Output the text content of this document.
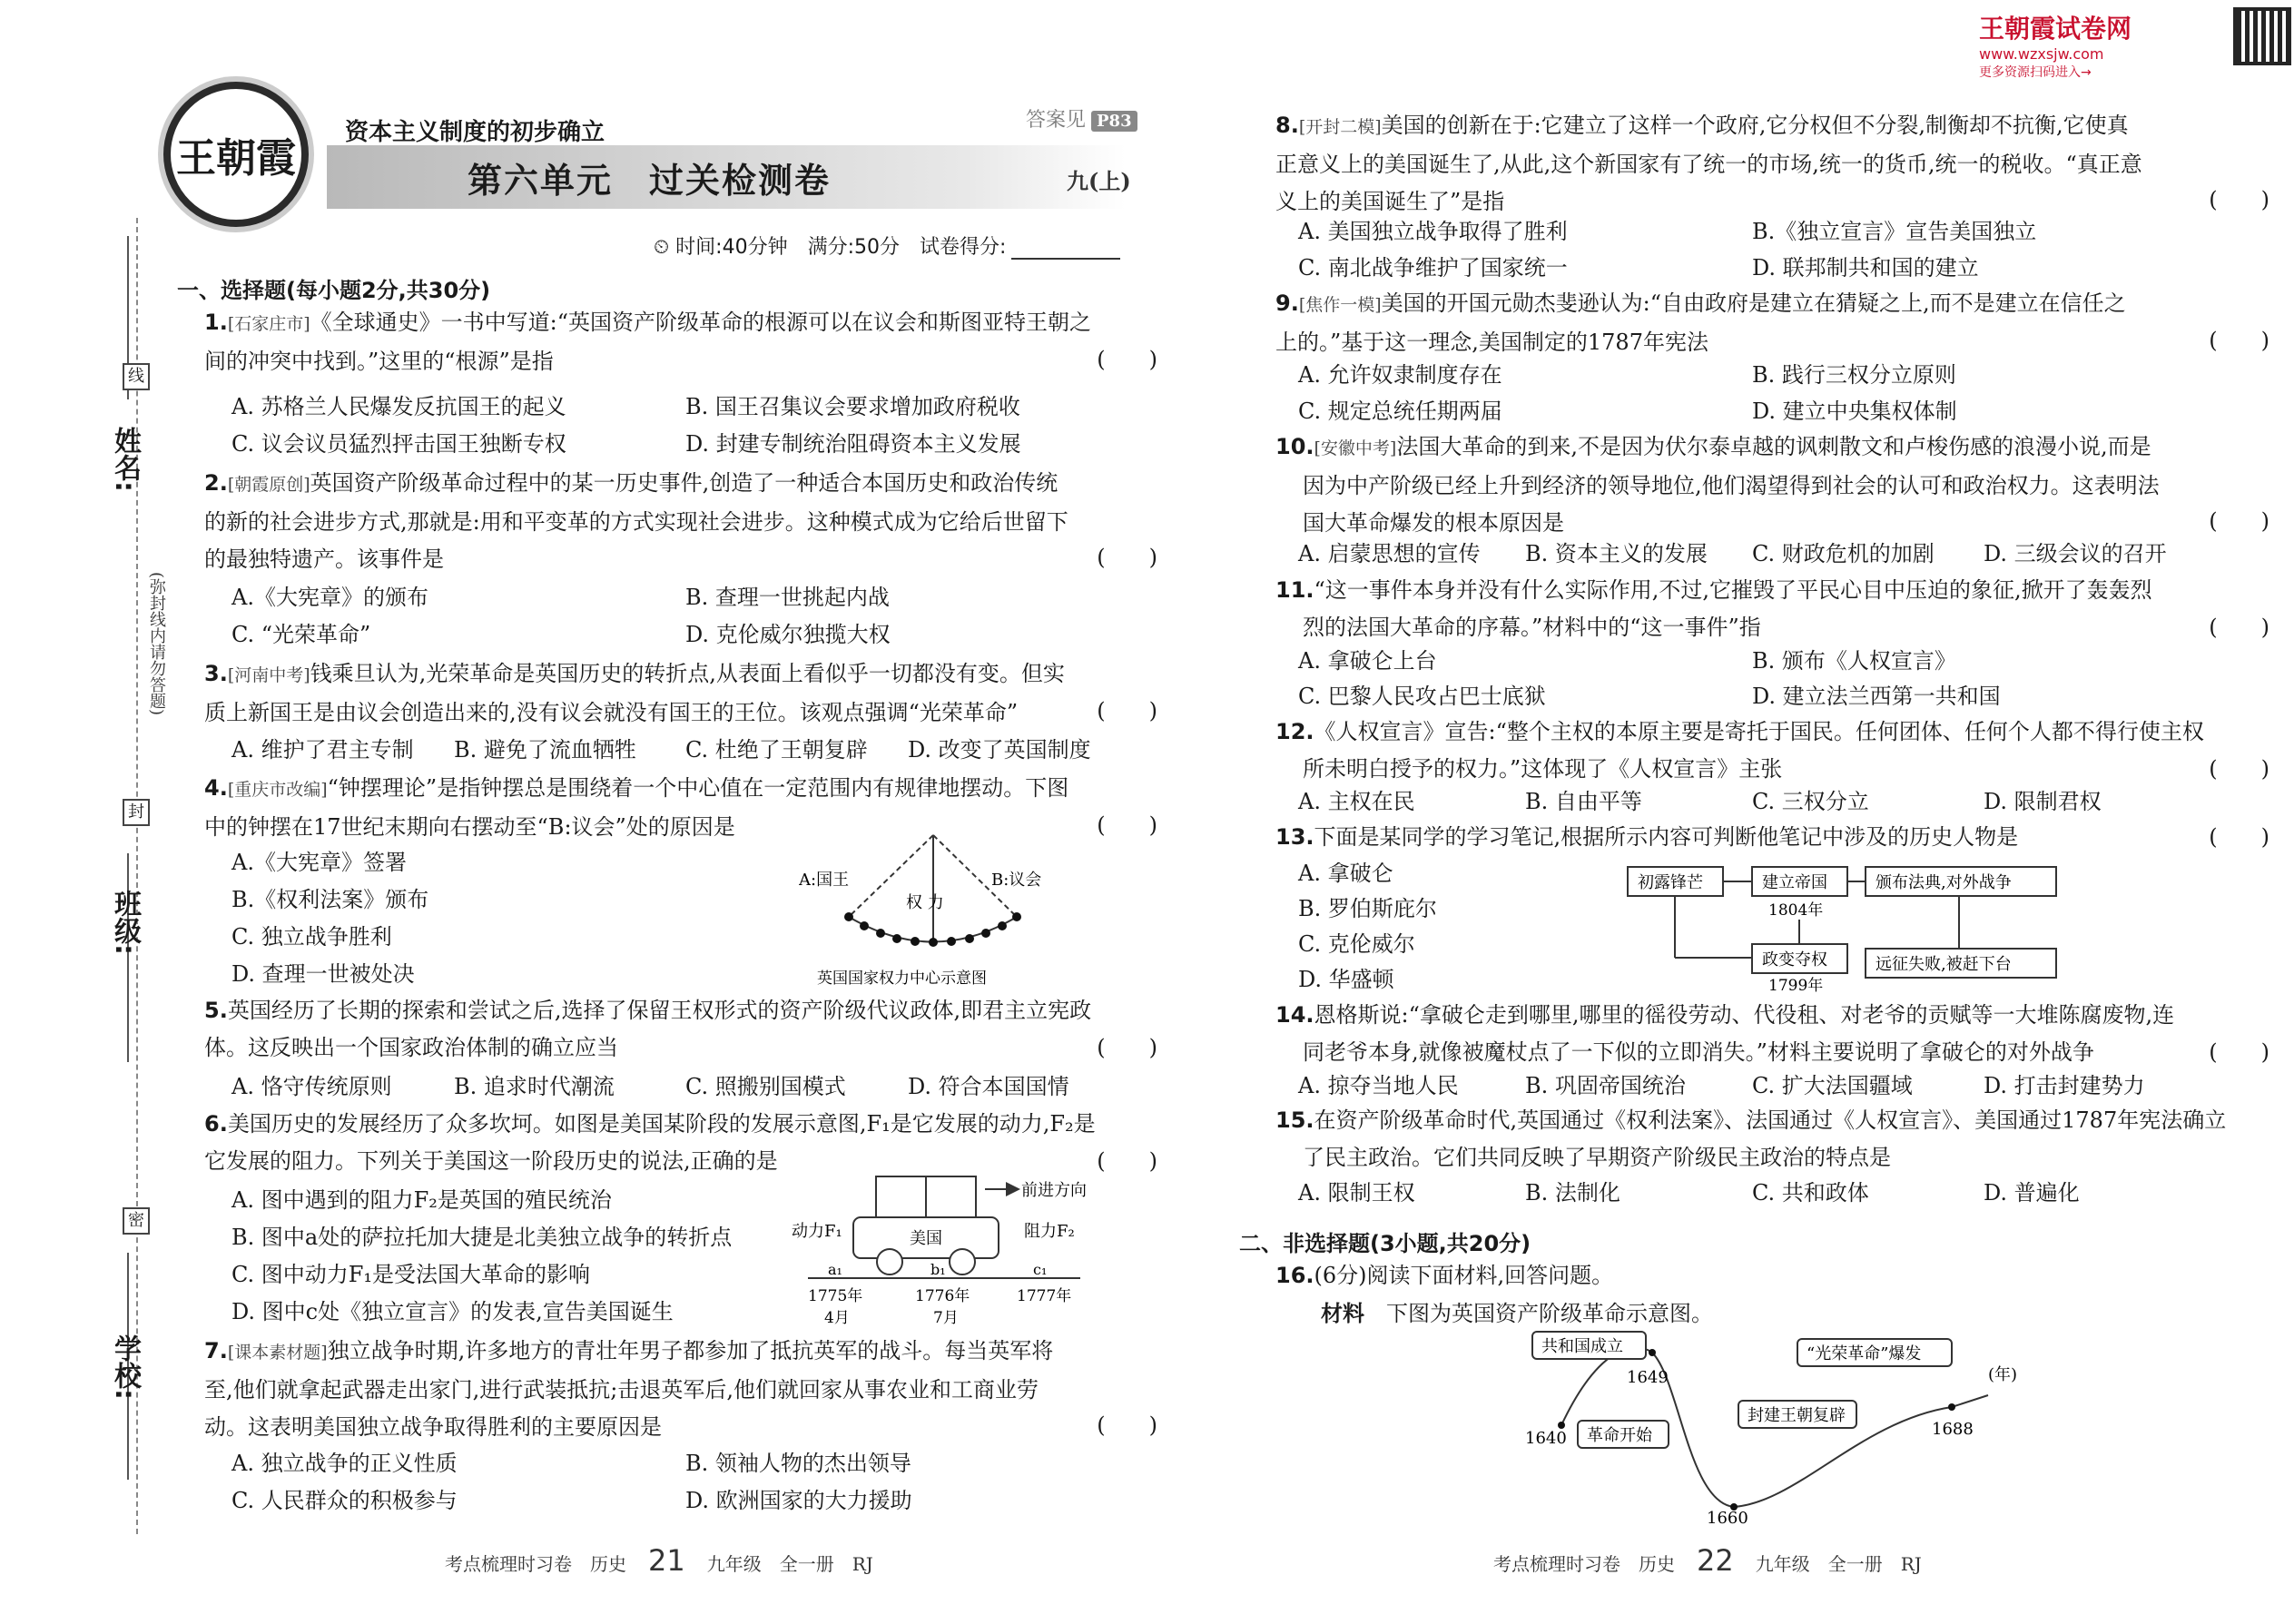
姓名:
线
(弥封线内请勿答题)
封
班级:
密
学校:
王朝霞
资本主义制度的初步确立
第六单元　过关检测卷
答案见 P83
九(上)
⏲ 时间:40分钟　满分:50分　试卷得分:
一、选择题(每小题2分,共30分)
1.[石家庄市]《全球通史》一书中写道:“英国资产阶级革命的根源可以在议会和斯图亚特王朝之
间的冲突中找到。”这里的“根源”是指	(　　)
A. 苏格兰人民爆发反抗国王的起义	B. 国王召集议会要求增加政府税收
C. 议会议员猛烈抨击国王独断专权	D. 封建专制统治阻碍资本主义发展
2.[朝霞原创]英国资产阶级革命过程中的某一历史事件,创造了一种适合本国历史和政治传统
的新的社会进步方式,那就是:用和平变革的方式实现社会进步。这种模式成为它给后世留下
的最独特遗产。该事件是	(　　)
A.《大宪章》的颁布	B. 查理一世挑起内战
C. “光荣革命”	D. 克伦威尔独揽大权
3.[河南中考]钱乘旦认为,光荣革命是英国历史的转折点,从表面上看似乎一切都没有变。但实
质上新国王是由议会创造出来的,没有议会就没有国王的王位。该观点强调“光荣革命”	(　　)
A. 维护了君主专制 B. 避免了流血牺牲 C. 杜绝了王朝复辟 D. 改变了英国制度
4.[重庆市改编]“钟摆理论”是指钟摆总是围绕着一个中心值在一定范围内有规律地摆动。下图
中的钟摆在17世纪末期向右摆动至“B:议会”处的原因是	(　　)
A.《大宪章》签署
B.《权利法案》颁布
C. 独立战争胜利
D. 查理一世被处决
A:国王	B:议会
权 力
英国国家权力中心示意图
5.英国经历了长期的探索和尝试之后,选择了保留王权形式的资产阶级代议政体,即君主立宪政
体。这反映出一个国家政治体制的确立应当	(　　)
A. 恪守传统原则	B. 追求时代潮流	C. 照搬别国模式	D. 符合本国国情
6.美国历史的发展经历了众多坎坷。如图是美国某阶段的发展示意图,F₁是它发展的动力,F₂是
它发展的阻力。下列关于美国这一阶段历史的说法,正确的是	(　　)
A. 图中遇到的阻力F₂是英国的殖民统治
B. 图中a处的萨拉托加大捷是北美独立战争的转折点
C. 图中动力F₁是受法国大革命的影响
D. 图中c处《独立宣言》的发表,宣告美国诞生
前进方向
动力F₁	阻力F₂
美国
a₁	b₁	c₁
1775年
4月
1776年
7月
1777年
7.[课本素材题]独立战争时期,许多地方的青壮年男子都参加了抵抗英军的战斗。每当英军将
至,他们就拿起武器走出家门,进行武装抵抗;击退英军后,他们就回家从事农业和工商业劳
动。这表明美国独立战争取得胜利的主要原因是	(　　)
A. 独立战争的正义性质	B. 领袖人物的杰出领导
C. 人民群众的积极参与	D. 欧洲国家的大力援助
考点梳理时习卷　历史 21 九年级　全一册　RJ
王朝霞试卷网
www.wzxsjw.com
更多资源扫码进入→
8.[开封二模]美国的创新在于:它建立了这样一个政府,它分权但不分裂,制衡却不抗衡,它使真
正意义上的美国诞生了,从此,这个新国家有了统一的市场,统一的货币,统一的税收。“真正意
义上的美国诞生了”是指	(　　)
A. 美国独立战争取得了胜利	B.《独立宣言》宣告美国独立
C. 南北战争维护了国家统一	D. 联邦制共和国的建立
9.[焦作一模]美国的开国元勋杰斐逊认为:“自由政府是建立在猜疑之上,而不是建立在信任之
上的。”基于这一理念,美国制定的1787年宪法	(　　)
A. 允许奴隶制度存在	B. 践行三权分立原则
C. 规定总统任期两届	D. 建立中央集权体制
10.[安徽中考]法国大革命的到来,不是因为伏尔泰卓越的讽刺散文和卢梭伤感的浪漫小说,而是
因为中产阶级已经上升到经济的领导地位,他们渴望得到社会的认可和政治权力。这表明法
国大革命爆发的根本原因是	(　　)
A. 启蒙思想的宣传 B. 资本主义的发展 C. 财政危机的加剧 D. 三级会议的召开
11.“这一事件本身并没有什么实际作用,不过,它摧毁了平民心目中压迫的象征,掀开了轰轰烈
烈的法国大革命的序幕。”材料中的“这一事件”指	(　　)
A. 拿破仑上台	B. 颁布《人权宣言》
C. 巴黎人民攻占巴士底狱	D. 建立法兰西第一共和国
12.《人权宣言》宣告:“整个主权的本原主要是寄托于国民。任何团体、任何个人都不得行使主权
所未明白授予的权力。”这体现了《人权宣言》主张	(　　)
A. 主权在民	B. 自由平等	C. 三权分立	D. 限制君权
13.下面是某同学的学习笔记,根据所示内容可判断他笔记中涉及的历史人物是	(　　)
A. 拿破仑
B. 罗伯斯庇尔
C. 克伦威尔
D. 华盛顿
初露锋芒	建立帝国
1804年
颁布法典,对外战争
政变夺权
1799年
远征失败,被赶下台
14.恩格斯说:“拿破仑走到哪里,哪里的徭役劳动、代役租、对老爷的贡赋等一大堆陈腐废物,连
同老爷本身,就像被魔杖点了一下似的立即消失。”材料主要说明了拿破仑的对外战争	(　　)
A. 掠夺当地人民	B. 巩固帝国统治	C. 扩大法国疆域	D. 打击封建势力
15.在资产阶级革命时代,英国通过《权利法案》、法国通过《人权宣言》、美国通过1787年宪法确立
了民主政治。它们共同反映了早期资产阶级民主政治的特点是
A. 限制王权	B. 法制化	C. 共和政体	D. 普遍化
二、非选择题(3小题,共20分)
16.(6分)阅读下面材料,回答问题。
材料　 下图为英国资产阶级革命示意图。
共和国成立
1649
“光荣革命”爆发
(年)
1640 革命开始
封建王朝复辟
1688
1660
考点梳理时习卷　历史 22 九年级　全一册　RJ
